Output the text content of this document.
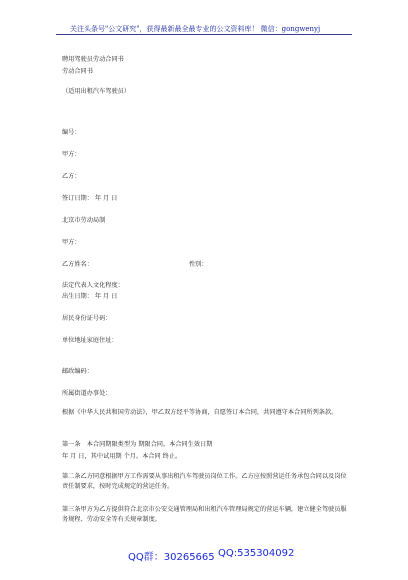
关注头条号"公文研究"，获得最新最全最专业的公文资料库！ 微信：gongwenyj
聘用驾驶员劳动合同书
劳动合同书
（适用出租汽车驾驶员）
编号：
甲方：
乙方：
签订日期： 年 月 日
北京市劳动局制
甲方：
乙方姓名：	性别：
法定代表人文化程度：
出生日期： 年 月 日
居民身份证号码：
单位地址家庭住址：
邮政编码：
所属街道办事处：
根据《中华人民共和国劳动法》，甲乙双方经平等协商，自愿签订本合同，共同遵守本合同所列条款。
第一条　本合同期限类型为 期限合同。本合同生效日期
年 月 日，其中试用期 个月。本合同 终止。
第二条乙方同意根据甲方工作需要从事出租汽车驾驶员岗位工作。乙方应按照营运任务承包合同以及岗位责任制要求，按时完成规定的营运任务。
第三条甲方为乙方提供符合北京市公安交通管理局和出租汽车管理局规定的营运车辆，建立健全驾驶员服务规程、劳动安全等有关规章制度。
QQ群：30265665 QQ:535304092
